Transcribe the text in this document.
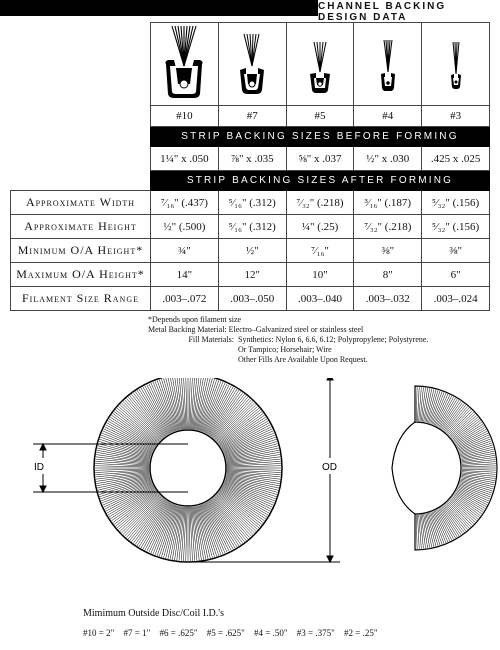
CHANNEL BACKING DESIGN DATA

	#10	#7	#5	#4	#3
	STRIP BACKING SIZES BEFORE FORMING				
	1¼" x .050	⅞" x .035	⅝" x .037	½" x .030	.425 x .025
	STRIP BACKING SIZES AFTER FORMING				
Approximate Width	⁷⁄₁₆" (.437)	⁵⁄₁₆" (.312)	⁷⁄₃₂" (.218)	³⁄₁₆" (.187)	⁵⁄₃₂" (.156)
Approximate Height	½" (.500)	⁵⁄₁₆" (.312)	¼" (.25)	⁷⁄₃₂" (.218)	⁵⁄₃₂" (.156)
Minimum O/A Height*	¾"	½"	⁷⁄₁₆"	⅜"	⅜"
Maximum O/A Height*	14"	12"	10"	8"	6"
Filament Size Range	.003–.072	.003–.050	.003–.040	.003–.032	.003–.024
*Depends upon filament size
Metal Backing Material: Electro–Galvanized steel or stainless steel
Fill Materials: Synthetics: Nylon 6, 6.6, 6.12; Polypropylene; Polystyrene.
Or Tampico; Horsehair; Wire
Other Fills Are Available Upon Request.
ID	OD
Mimimum Outside Disc/Coil I.D.'s
#10 = 2" #7 = 1" #6 = .625" #5 = .625" #4 = .50" #3 = .375" #2 = .25"
